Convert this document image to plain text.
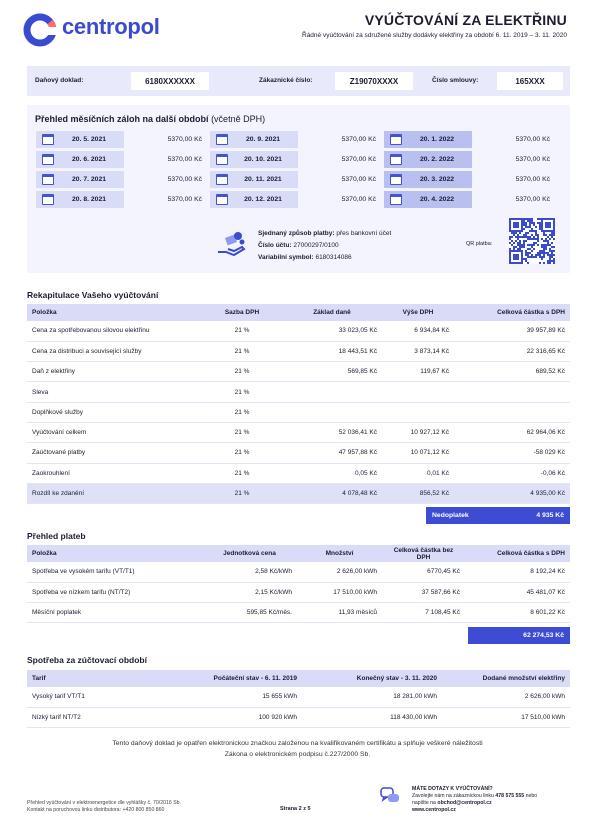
centropol	VYÚČTOVÁNÍ ZA ELEKTŘINU
Řádné vyúčtování za sdružené služby dodávky elektřiny za období 6. 11. 2019 – 3. 11. 2020
Daňový doklad:	6180XXXXXX	Zákaznické číslo:	Z19070XXXX	Číslo smlouvy:	165XXX
Přehled měsíčních záloh na další období (včetně DPH)
20. 5. 2021	5370,00 Kč
20. 6. 2021	5370,00 Kč
20. 7. 2021	5370,00 Kč
20. 8. 2021	5370,00 Kč
20. 9. 2021	5370,00 Kč
20. 10. 2021	5370,00 Kč
20. 11. 2021	5370,00 Kč
20. 12. 2021	5370,00 Kč
20. 1. 2022	5370,00 Kč
20. 2. 2022	5370,00 Kč
20. 3. 2022	5370,00 Kč
20. 4. 2022	5370,00 Kč
Sjednaný způsob platby: přes bankovní účet
Číslo účtu: 27000297/0100
Variabilní symbol: 6180314086
QR platba:
Rekapitulace Vašeho vyúčtování
Položka	Sazba DPH	Základ daně	Výše DPH	Celková částka s DPH
Cena za spotřebovanou silovou elektřinu	21 %	33 023,05 Kč	6 934,84 Kč	39 957,89 Kč
Cena za distribuci a související služby	21 %	18 443,51 Kč	3 873,14 Kč	22 316,65 Kč
Daň z elektřiny	21 %	569,85 Kč	119,67 Kč	689,52 Kč
Sleva	21 %			
Doplňkové služby	21 %			
Vyúčtování celkem	21 %	52 036,41 Kč	10 927,12 Kč	62 964,06 Kč
Zaúčtované platby	21 %	47 957,88 Kč	10 071,12 Kč	-58 029 Kč
Zaokrouhlení	21 %	0,05 Kč	0,01 Kč	-0,06 Kč
Rozdíl ke zdanění	21 %	4 078,48 Kč	856,52 Kč	4 935,00 Kč
Nedoplatek	4 935 Kč
Přehled plateb
Položka	Jednotková cena	Množství	Celková částka bez DPH	Celková částka s DPH
Spotřeba ve vysokém tarifu (VT/T1)	2,58 Kč/kWh	2 626,00 kWh	6770,45 Kč	8 192,24 Kč
Spotřeba ve nízkem tarifu (NT/T2)	2,15 Kč/kWh	17 510,00 kWh	37 587,66 Kč	45 481,07 Kč
Měsíční poplatek	595,85 Kč/měs.	11,93 měsíců	7 108,45 Kč	8 601,22 Kč
62 274,53 Kč
Spotřeba za zúčtovací období
Tarif	Počáteční stav - 6. 11. 2019	Konečný stav - 3. 11. 2020	Dodané množství elektřiny
Vysoký tarif VT/T1	15 655 kWh	18 281,00 kWh	2 626,00 kWh
Nízký tarif NT/T2	100 920 kWh	118 430,00 kWh	17 510,00 kWh
Tento daňový doklad je opatřen elektronickou značkou založenou na kvalifikovaném certifikátu a splňuje veškeré náležitosti
Zákona o elektronickém podpisu č.227/2000 Sb.
Přehled vyúčtování v elektroenergetice dle vyhlášky č. 70/2016 Sb.
Kontakt na poruchovou linku distributora: +420 800 850 860	Strana 2 z 5
MÁTE DOTAZY K VYÚČTOVÁNÍ?
Zavolejte nám na zákaznickou linku 478 575 555 nebo
napište na obchod@centropol.cz
www.centropol.cz
